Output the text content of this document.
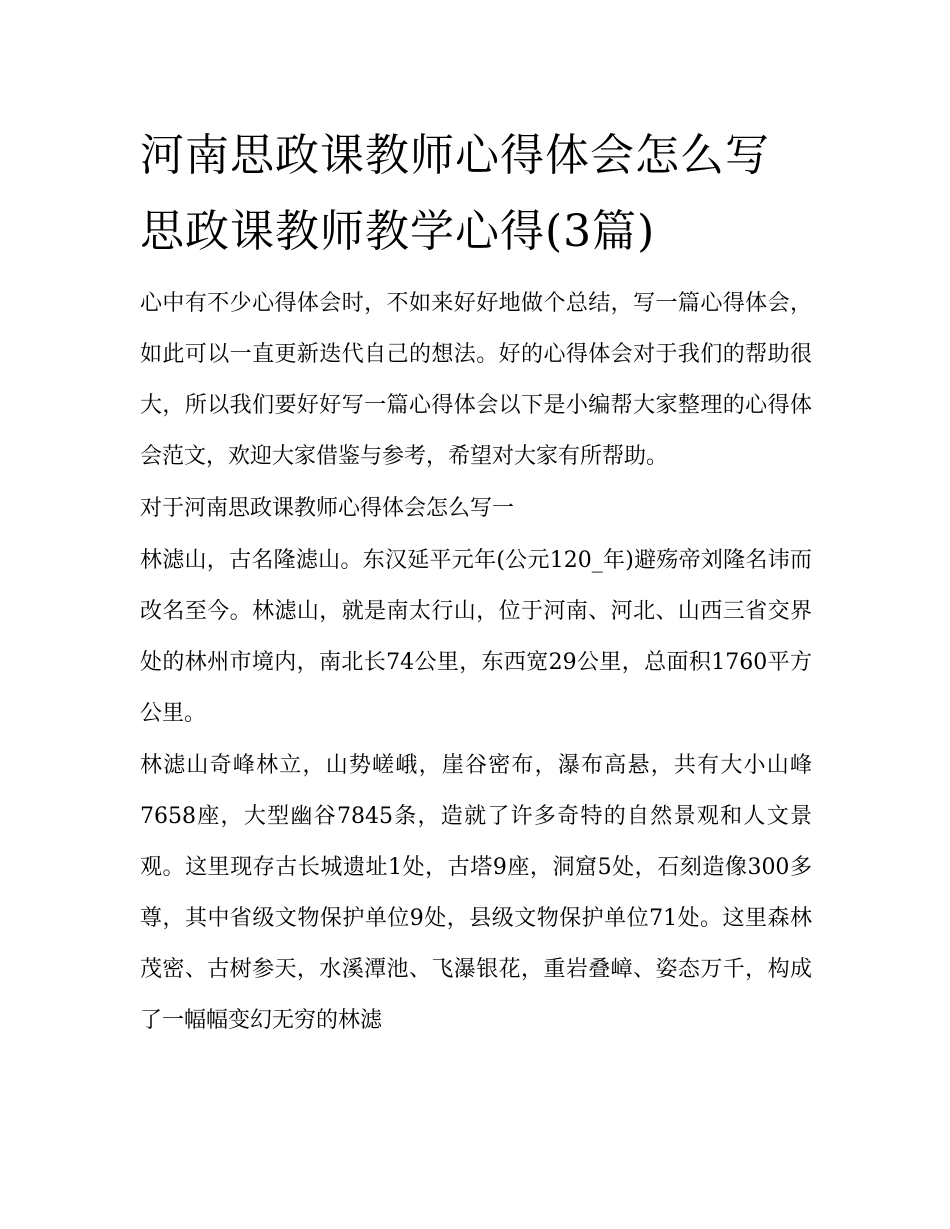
河南思政课教师心得体会怎么写 思政课教师教学心得(3篇)

心中有不少心得体会时，不如来好好地做个总结，写一篇心得体会，如此可以一直更新迭代自己的想法。好的心得体会对于我们的帮助很大，所以我们要好好写一篇心得体会以下是小编帮大家整理的心得体会范文，欢迎大家借鉴与参考，希望对大家有所帮助。

对于河南思政课教师心得体会怎么写一

林滤山，古名隆滤山。东汉延平元年(公元120_年)避殇帝刘隆名讳而改名至今。林滤山，就是南太行山，位于河南、河北、山西三省交界处的林州市境内，南北长74公里，东西宽29公里，总面积1760平方公里。

林滤山奇峰林立，山势嵯峨，崖谷密布，瀑布高悬，共有大小山峰7658座，大型幽谷7845条，造就了许多奇特的自然景观和人文景观。这里现存古长城遗址1处，古塔9座，洞窟5处，石刻造像300多尊，其中省级文物保护单位9处，县级文物保护单位71处。这里森林茂密、古树参天，水溪潭池、飞瀑银花，重岩叠嶂、姿态万千，构成了一幅幅变幻无穷的林滤
